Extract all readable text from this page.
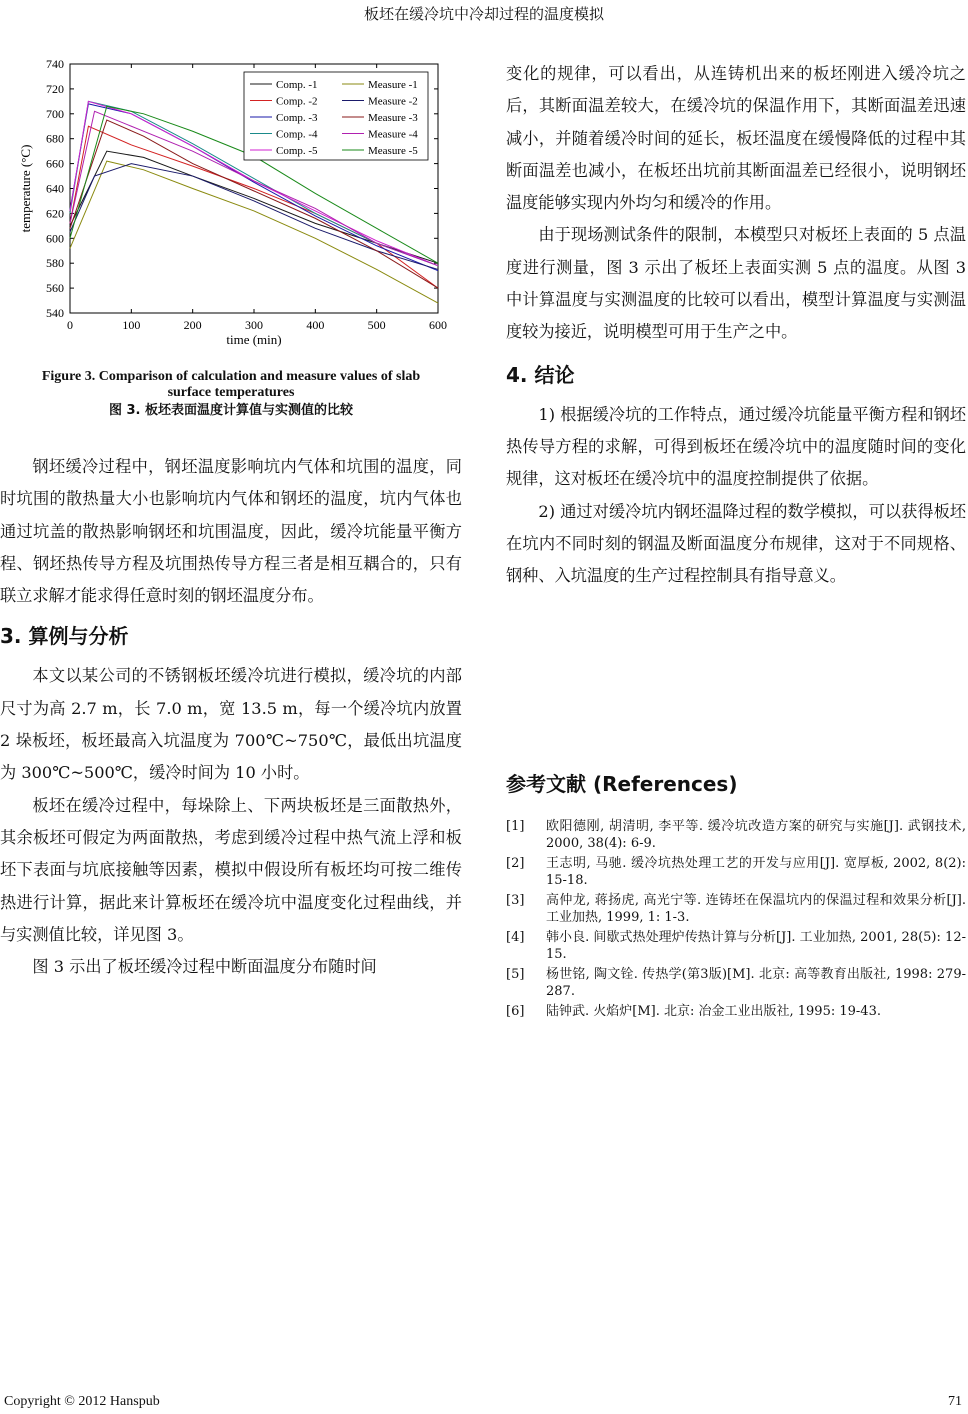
板坯在缓冷坑中冷却过程的温度模拟
540
560
580
600
620
640
660
680
700
720
740
0	100	200	300	400	500	600
time (min)
temperature (°C)
Comp. -1
Comp. -2
Comp. -3
Comp. -4
Comp. -5
Measure -1
Measure -2
Measure -3
Measure -4
Measure -5
Figure 3. Comparison of calculation and measure values of slab
surface temperatures
图 3. 板坯表面温度计算值与实测值的比较

钢坯缓冷过程中，钢坯温度影响坑内气体和坑围的温度，同时坑围的散热量大小也影响坑内气体和钢坯的温度，坑内气体也通过坑盖的散热影响钢坯和坑围温度，因此，缓冷坑能量平衡方程、钢坯热传导方程及坑围热传导方程三者是相互耦合的，只有联立求解才能求得任意时刻的钢坯温度分布。

3. 算例与分析

本文以某公司的不锈钢板坯缓冷坑进行模拟，缓冷坑的内部尺寸为高 2.7 m，长 7.0 m，宽 13.5 m，每一个缓冷坑内放置 2 垛板坯，板坯最高入坑温度为 700℃~750℃，最低出坑温度为 300℃~500℃，缓冷时间为 10 小时。

板坯在缓冷过程中，每垛除上、下两块板坯是三面散热外，其余板坯可假定为两面散热，考虑到缓冷过程中热气流上浮和板坯下表面与坑底接触等因素，模拟中假设所有板坯均可按二维传热进行计算，据此来计算板坯在缓冷坑中温度变化过程曲线，并与实测值比较，详见图 3。

图 3 示出了板坯缓冷过程中断面温度分布随时间

变化的规律，可以看出，从连铸机出来的板坯刚进入缓冷坑之后，其断面温差较大，在缓冷坑的保温作用下，其断面温差迅速减小，并随着缓冷时间的延长，板坯温度在缓慢降低的过程中其断面温差也减小，在板坯出坑前其断面温差已经很小，说明钢坯温度能够实现内外均匀和缓冷的作用。

由于现场测试条件的限制，本模型只对板坯上表面的 5 点温度进行测量，图 3 示出了板坯上表面实测 5 点的温度。从图 3 中计算温度与实测温度的比较可以看出，模型计算温度与实测温度较为接近，说明模型可用于生产之中。

4. 结论

1) 根据缓冷坑的工作特点，通过缓冷坑能量平衡方程和钢坯热传导方程的求解，可得到板坯在缓冷坑中的温度随时间的变化规律，这对板坯在缓冷坑中的温度控制提供了依据。

2) 通过对缓冷坑内钢坯温降过程的数学模拟，可以获得板坯在坑内不同时刻的钢温及断面温度分布规律，这对于不同规格、钢种、入坑温度的生产过程控制具有指导意义。

参考文献 (References)
[1]	欧阳德刚, 胡清明, 李平等. 缓冷坑改造方案的研究与实施[J]. 武钢技术, 2000, 38(4): 6-9.
[2]	王志明, 马驰. 缓冷坑热处理工艺的开发与应用[J]. 宽厚板, 2002, 8(2): 15-18.
[3]	高仲龙, 蒋扬虎, 高光宁等. 连铸坯在保温坑内的保温过程和效果分析[J]. 工业加热, 1999, 1: 1-3.
[4]	韩小良. 间歇式热处理炉传热计算与分析[J]. 工业加热, 2001, 28(5): 12-15.
[5]	杨世铭, 陶文铨. 传热学(第3版)[M]. 北京: 高等教育出版社, 1998: 279-287.
[6]	陆钟武. 火焰炉[M]. 北京: 冶金工业出版社, 1995: 19-43.
Copyright © 2012 Hanspub	71
